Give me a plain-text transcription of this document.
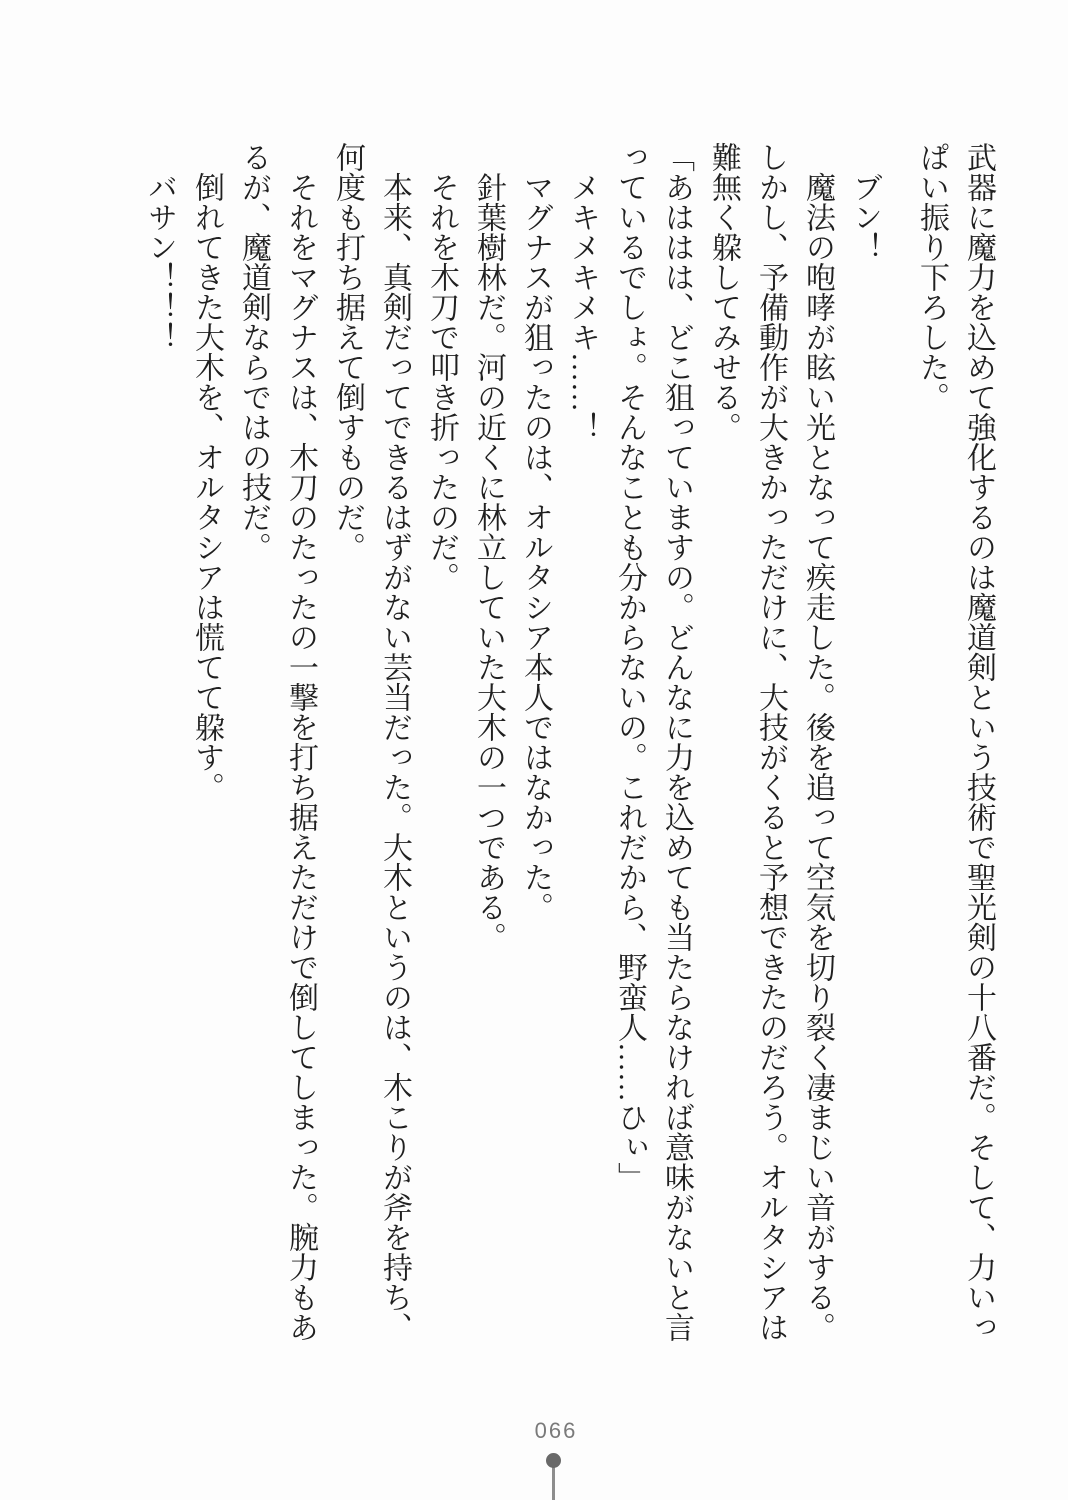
武器に魔力を込めて強化するのは魔道剣という技術で聖光剣の十八番だ。そして、力いっぱい振り下ろした。

ブン！

魔法の咆哮が眩い光となって疾走した。後を追って空気を切り裂く凄まじい音がする。

しかし、予備動作が大きかっただけに、大技がくると予想できたのだろう。オルタシアは難無く躱してみせる。

「あははは、どこ狙っていますの。どんなに力を込めても当たらなければ意味がないと言っているでしょ。そんなことも分からないの。これだから、野蛮人……ひぃ」

メキメキメキ……！

マグナスが狙ったのは、オルタシア本人ではなかった。

針葉樹林だ。河の近くに林立していた大木の一つである。

それを木刀で叩き折ったのだ。

本来、真剣だってできるはずがない芸当だった。大木というのは、木こりが斧を持ち、何度も打ち据えて倒すものだ。

それをマグナスは、木刀のたったの一撃を打ち据えただけで倒してしまった。腕力もあるが、魔道剣ならではの技だ。

倒れてきた大木を、オルタシアは慌てて躱す。

バサン！！！

066
